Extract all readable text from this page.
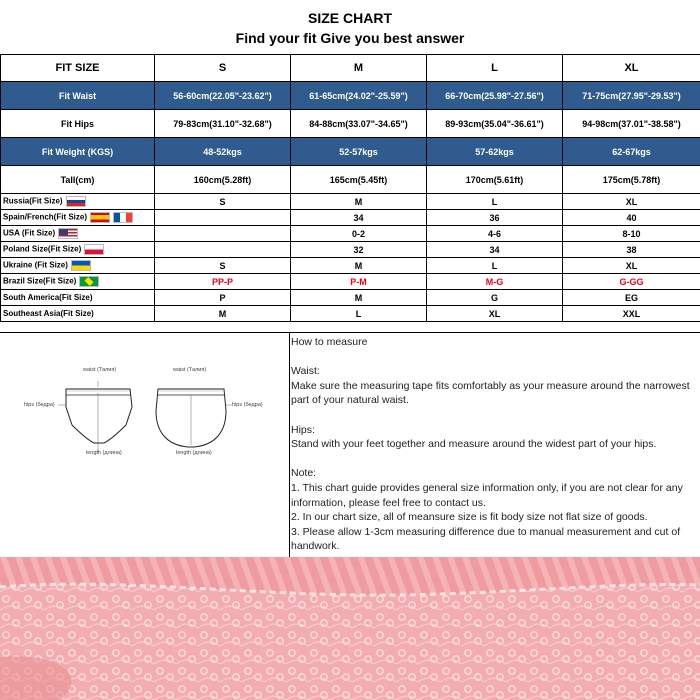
SIZE CHART
Find your fit Give you best answer
FIT SIZE	S	M	L	XL
Fit Waist	56-60cm(22.05"-23.62")	61-65cm(24.02"-25.59")	66-70cm(25.98"-27.56")	71-75cm(27.95"-29.53")
Fit Hips	79-83cm(31.10"-32.68")	84-88cm(33.07"-34.65")	89-93cm(35.04"-36.61")	94-98cm(37.01"-38.58")
Fit Weight (KGS)	48-52kgs	52-57kgs	57-62kgs	62-67kgs
Tall(cm)	160cm(5.28ft)	165cm(5.45ft)	170cm(5.61ft)	175cm(5.78ft)
Russia(Fit Size)	S	M	L	XL
Spain/French(Fit Size)		34	36	40
USA (Fit Size)		0-2	4-6	8-10
Poland Size(Fit Size)		32	34	38
Ukraine (Fit Size)	S	M	L	XL
Brazil Size(Fit Size)	PP-P	P-M	M-G	G-GG
South America(Fit Size)	P	M	G	EG
Southeast Asia(Fit Size)	M	L	XL	XXL
waist (Талия)	waist (Талия)
hips (бедра)	hips (бедра)
length (длина)	length (длина)

How to measure

Waist:

Make sure the measuring tape fits comfortably as your measure around the narrowest part of your natural waist.

Hips:

Stand with your feet together and measure around the widest part of your hips.

Note:

1. This chart guide provides general size information only, if you are not clear for any information, please feel free to contact us.

2. In our chart size, all of meansure size is fit body size not flat size of goods.

3. Please allow 1-3cm measuring difference due to manual measurement and cut of handwork.
